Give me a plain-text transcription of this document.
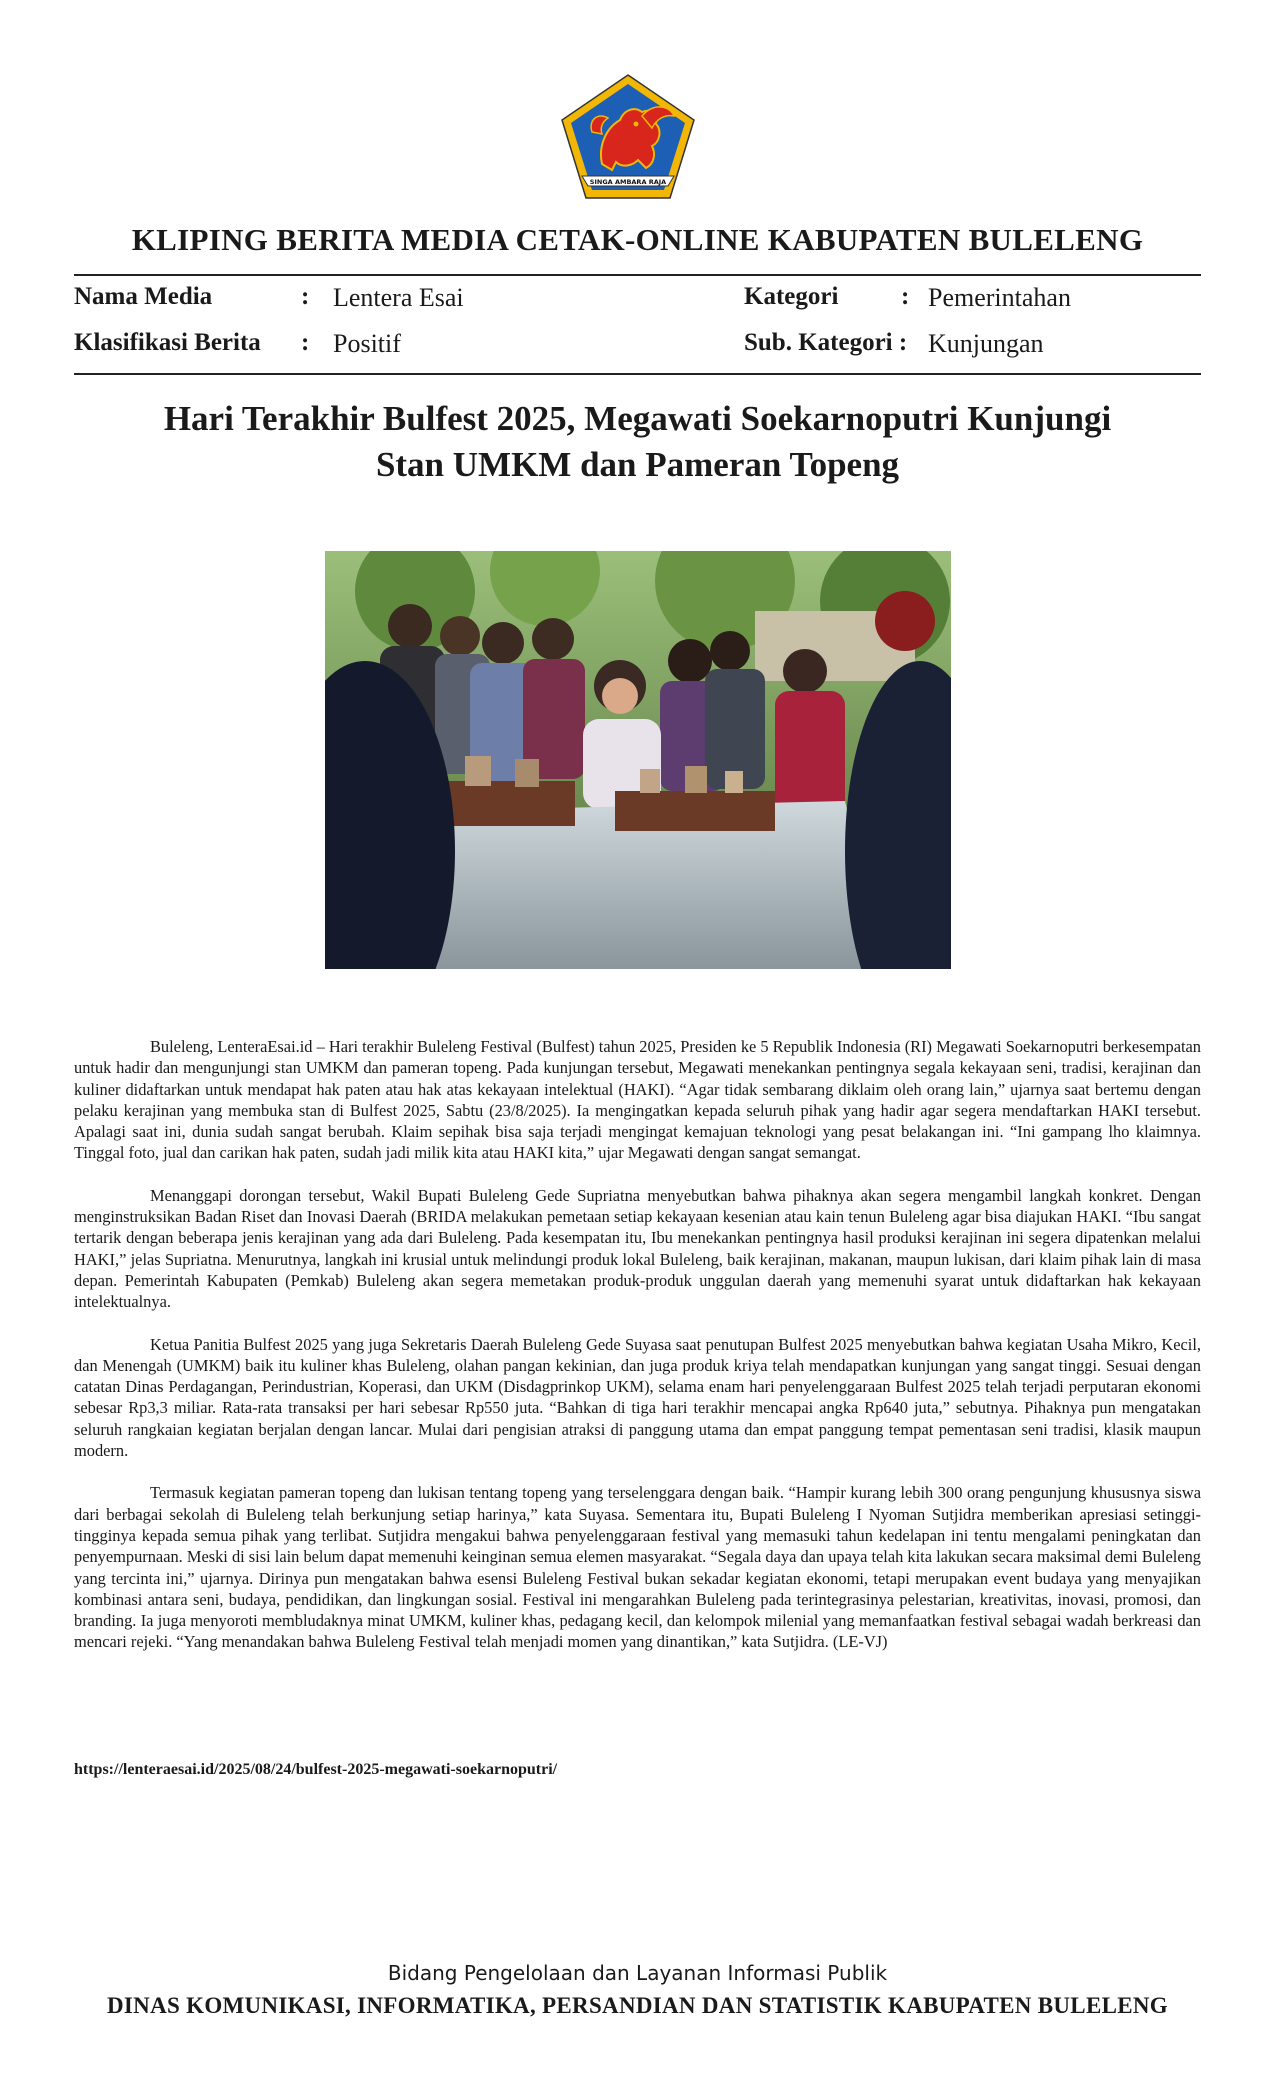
SINGA AMBARA RAJA
KLIPING BERITA MEDIA CETAK-ONLINE KABUPATEN BULELENG
Nama Media	: Lentera Esai
Klasifikasi Berita : Positif
Kategori	: Pemerintahan
Sub. Kategori : Kunjungan
Hari Terakhir Bulfest 2025, Megawati Soekarnoputri Kunjungi
Stan UMKM dan Pameran Topeng

Buleleng, LenteraEsai.id – Hari terakhir Buleleng Festival (Bulfest) tahun 2025, Presiden ke 5 Republik Indonesia (RI) Megawati Soekarnoputri berkesempatan untuk hadir dan mengunjungi stan UMKM dan pameran topeng. Pada kunjungan tersebut, Megawati menekankan pentingnya segala kekayaan seni, tradisi, kerajinan dan kuliner didaftarkan untuk mendapat hak paten atau hak atas kekayaan intelektual (HAKI). “Agar tidak sembarang diklaim oleh orang lain,” ujarnya saat bertemu dengan pelaku kerajinan yang membuka stan di Bulfest 2025, Sabtu (23/8/2025). Ia mengingatkan kepada seluruh pihak yang hadir agar segera mendaftarkan HAKI tersebut. Apalagi saat ini, dunia sudah sangat berubah. Klaim sepihak bisa saja terjadi mengingat kemajuan teknologi yang pesat belakangan ini. “Ini gampang lho klaimnya. Tinggal foto, jual dan carikan hak paten, sudah jadi milik kita atau HAKI kita,” ujar Megawati dengan sangat semangat.

Menanggapi dorongan tersebut, Wakil Bupati Buleleng Gede Supriatna menyebutkan bahwa pihaknya akan segera mengambil langkah konkret. Dengan menginstruksikan Badan Riset dan Inovasi Daerah (BRIDA melakukan pemetaan setiap kekayaan kesenian atau kain tenun Buleleng agar bisa diajukan HAKI. “Ibu sangat tertarik dengan beberapa jenis kerajinan yang ada dari Buleleng. Pada kesempatan itu, Ibu menekankan pentingnya hasil produksi kerajinan ini segera dipatenkan melalui HAKI,” jelas Supriatna. Menurutnya, langkah ini krusial untuk melindungi produk lokal Buleleng, baik kerajinan, makanan, maupun lukisan, dari klaim pihak lain di masa depan. Pemerintah Kabupaten (Pemkab) Buleleng akan segera memetakan produk-produk unggulan daerah yang memenuhi syarat untuk didaftarkan hak kekayaan intelektualnya.

Ketua Panitia Bulfest 2025 yang juga Sekretaris Daerah Buleleng Gede Suyasa saat penutupan Bulfest 2025 menyebutkan bahwa kegiatan Usaha Mikro, Kecil, dan Menengah (UMKM) baik itu kuliner khas Buleleng, olahan pangan kekinian, dan juga produk kriya telah mendapatkan kunjungan yang sangat tinggi. Sesuai dengan catatan Dinas Perdagangan, Perindustrian, Koperasi, dan UKM (Disdagprinkop UKM), selama enam hari penyelenggaraan Bulfest 2025 telah terjadi perputaran ekonomi sebesar Rp3,3 miliar. Rata-rata transaksi per hari sebesar Rp550 juta. “Bahkan di tiga hari terakhir mencapai angka Rp640 juta,” sebutnya. Pihaknya pun mengatakan seluruh rangkaian kegiatan berjalan dengan lancar. Mulai dari pengisian atraksi di panggung utama dan empat panggung tempat pementasan seni tradisi, klasik maupun modern.

Termasuk kegiatan pameran topeng dan lukisan tentang topeng yang terselenggara dengan baik. “Hampir kurang lebih 300 orang pengunjung khususnya siswa dari berbagai sekolah di Buleleng telah berkunjung setiap harinya,” kata Suyasa. Sementara itu, Bupati Buleleng I Nyoman Sutjidra memberikan apresiasi setinggi-tingginya kepada semua pihak yang terlibat. Sutjidra mengakui bahwa penyelenggaraan festival yang memasuki tahun kedelapan ini tentu mengalami peningkatan dan penyempurnaan. Meski di sisi lain belum dapat memenuhi keinginan semua elemen masyarakat. “Segala daya dan upaya telah kita lakukan secara maksimal demi Buleleng yang tercinta ini,” ujarnya. Dirinya pun mengatakan bahwa esensi Buleleng Festival bukan sekadar kegiatan ekonomi, tetapi merupakan event budaya yang menyajikan kombinasi antara seni, budaya, pendidikan, dan lingkungan sosial. Festival ini mengarahkan Buleleng pada terintegrasinya pelestarian, kreativitas, inovasi, promosi, dan branding. Ia juga menyoroti membludaknya minat UMKM, kuliner khas, pedagang kecil, dan kelompok milenial yang memanfaatkan festival sebagai wadah berkreasi dan mencari rejeki. “Yang menandakan bahwa Buleleng Festival telah menjadi momen yang dinantikan,” kata Sutjidra. (LE-VJ)

https://lenteraesai.id/2025/08/24/bulfest-2025-megawati-soekarnoputri/
Bidang Pengelolaan dan Layanan Informasi Publik
DINAS KOMUNIKASI, INFORMATIKA, PERSANDIAN DAN STATISTIK KABUPATEN BULELENG
